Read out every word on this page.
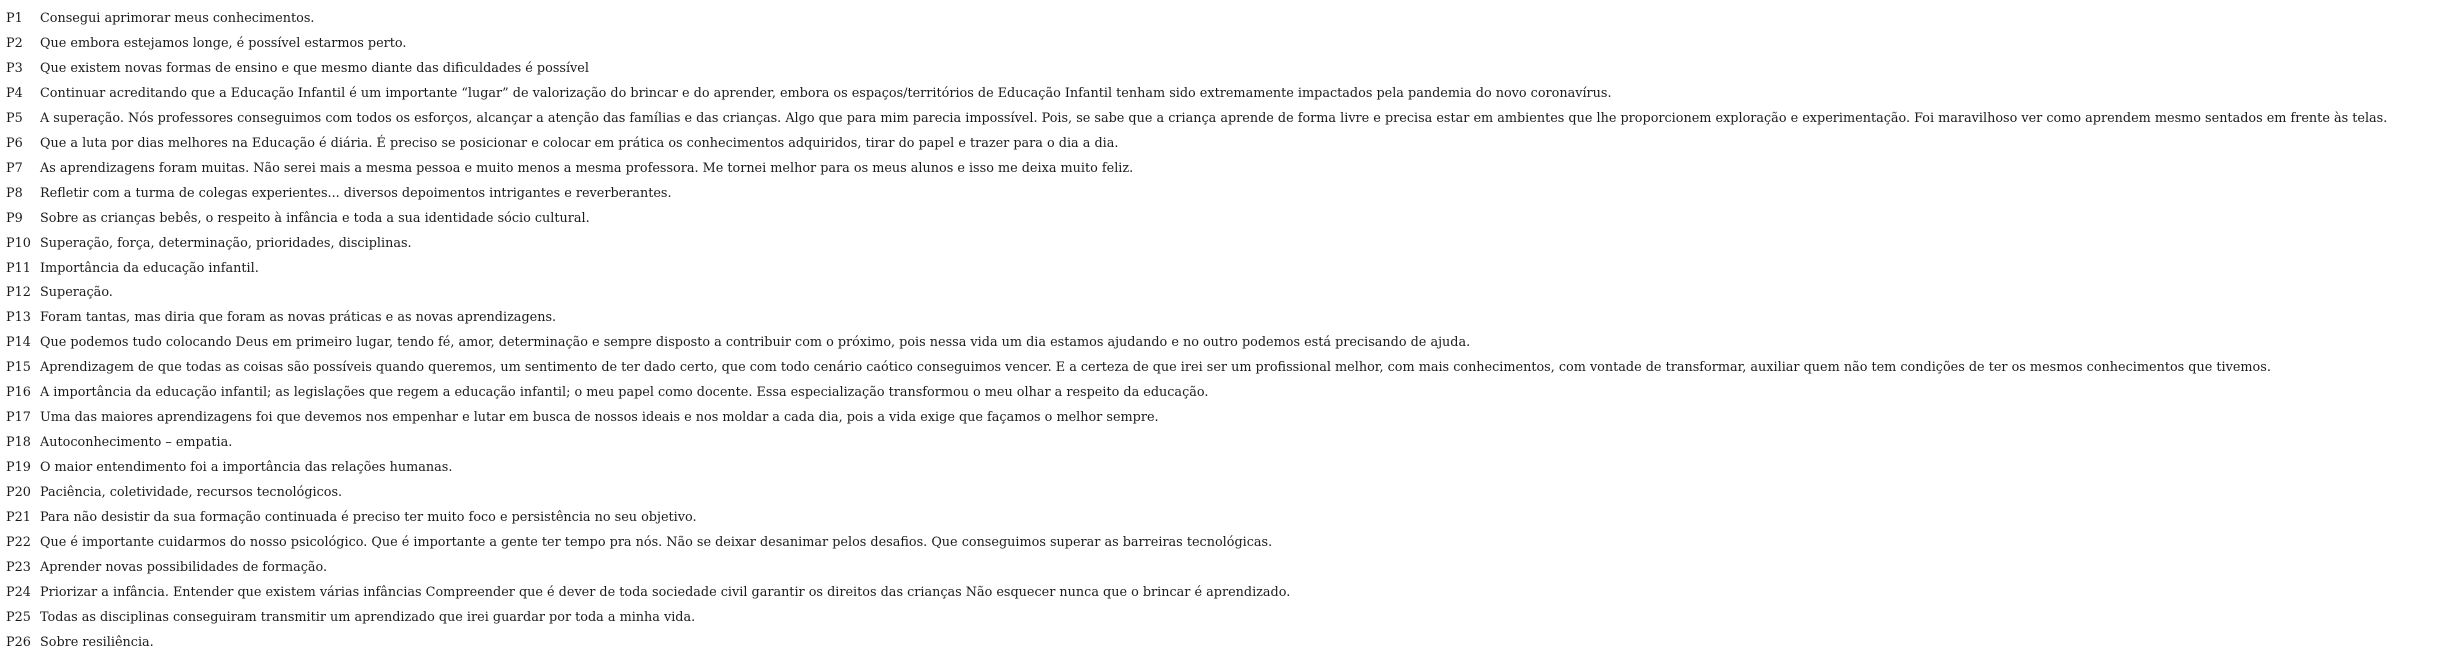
P1	Consegui aprimorar meus conhecimentos.
P2	Que embora estejamos longe, é possível estarmos perto.
P3	Que existem novas formas de ensino e que mesmo diante das dificuldades é possível
P4	Continuar acreditando que a Educação Infantil é um importante “lugar” de valorização do brincar e do aprender, embora os espaços/territórios de Educação Infantil tenham sido extremamente impactados pela pandemia do novo coronavírus.
P5	A superação. Nós professores conseguimos com todos os esforços, alcançar a atenção das famílias e das crianças. Algo que para mim parecia impossível. Pois, se sabe que a criança aprende de forma livre e precisa estar em ambientes que lhe proporcionem exploração e experimentação. Foi maravilhoso ver como aprendem mesmo sentados em frente às telas.
P6	Que a luta por dias melhores na Educação é diária. É preciso se posicionar e colocar em prática os conhecimentos adquiridos, tirar do papel e trazer para o dia a dia.
P7	As aprendizagens foram muitas. Não serei mais a mesma pessoa e muito menos a mesma professora. Me tornei melhor para os meus alunos e isso me deixa muito feliz.
P8	Refletir com a turma de colegas experientes... diversos depoimentos intrigantes e reverberantes.
P9	Sobre as crianças bebês, o respeito à infância e toda a sua identidade sócio cultural.
P10 Superação, força, determinação, prioridades, disciplinas.
P11 Importância da educação infantil.
P12 Superação.
P13 Foram tantas, mas diria que foram as novas práticas e as novas aprendizagens.
P14 Que podemos tudo colocando Deus em primeiro lugar, tendo fé, amor, determinação e sempre disposto a contribuir com o próximo, pois nessa vida um dia estamos ajudando e no outro podemos está precisando de ajuda.
P15 Aprendizagem de que todas as coisas são possíveis quando queremos, um sentimento de ter dado certo, que com todo cenário caótico conseguimos vencer. E a certeza de que irei ser um profissional melhor, com mais conhecimentos, com vontade de transformar, auxiliar quem não tem condições de ter os mesmos conhecimentos que tivemos.
P16 A importância da educação infantil; as legislações que regem a educação infantil; o meu papel como docente. Essa especialização transformou o meu olhar a respeito da educação.
P17 Uma das maiores aprendizagens foi que devemos nos empenhar e lutar em busca de nossos ideais e nos moldar a cada dia, pois a vida exige que façamos o melhor sempre.
P18 Autoconhecimento – empatia.
P19 O maior entendimento foi a importância das relações humanas.
P20 Paciência, coletividade, recursos tecnológicos.
P21 Para não desistir da sua formação continuada é preciso ter muito foco e persistência no seu objetivo.
P22 Que é importante cuidarmos do nosso psicológico. Que é importante a gente ter tempo pra nós. Não se deixar desanimar pelos desafios. Que conseguimos superar as barreiras tecnológicas.
P23 Aprender novas possibilidades de formação.
P24 Priorizar a infância. Entender que existem várias infâncias Compreender que é dever de toda sociedade civil garantir os direitos das crianças Não esquecer nunca que o brincar é aprendizado.
P25 Todas as disciplinas conseguiram transmitir um aprendizado que irei guardar por toda a minha vida.
P26 Sobre resiliência.
